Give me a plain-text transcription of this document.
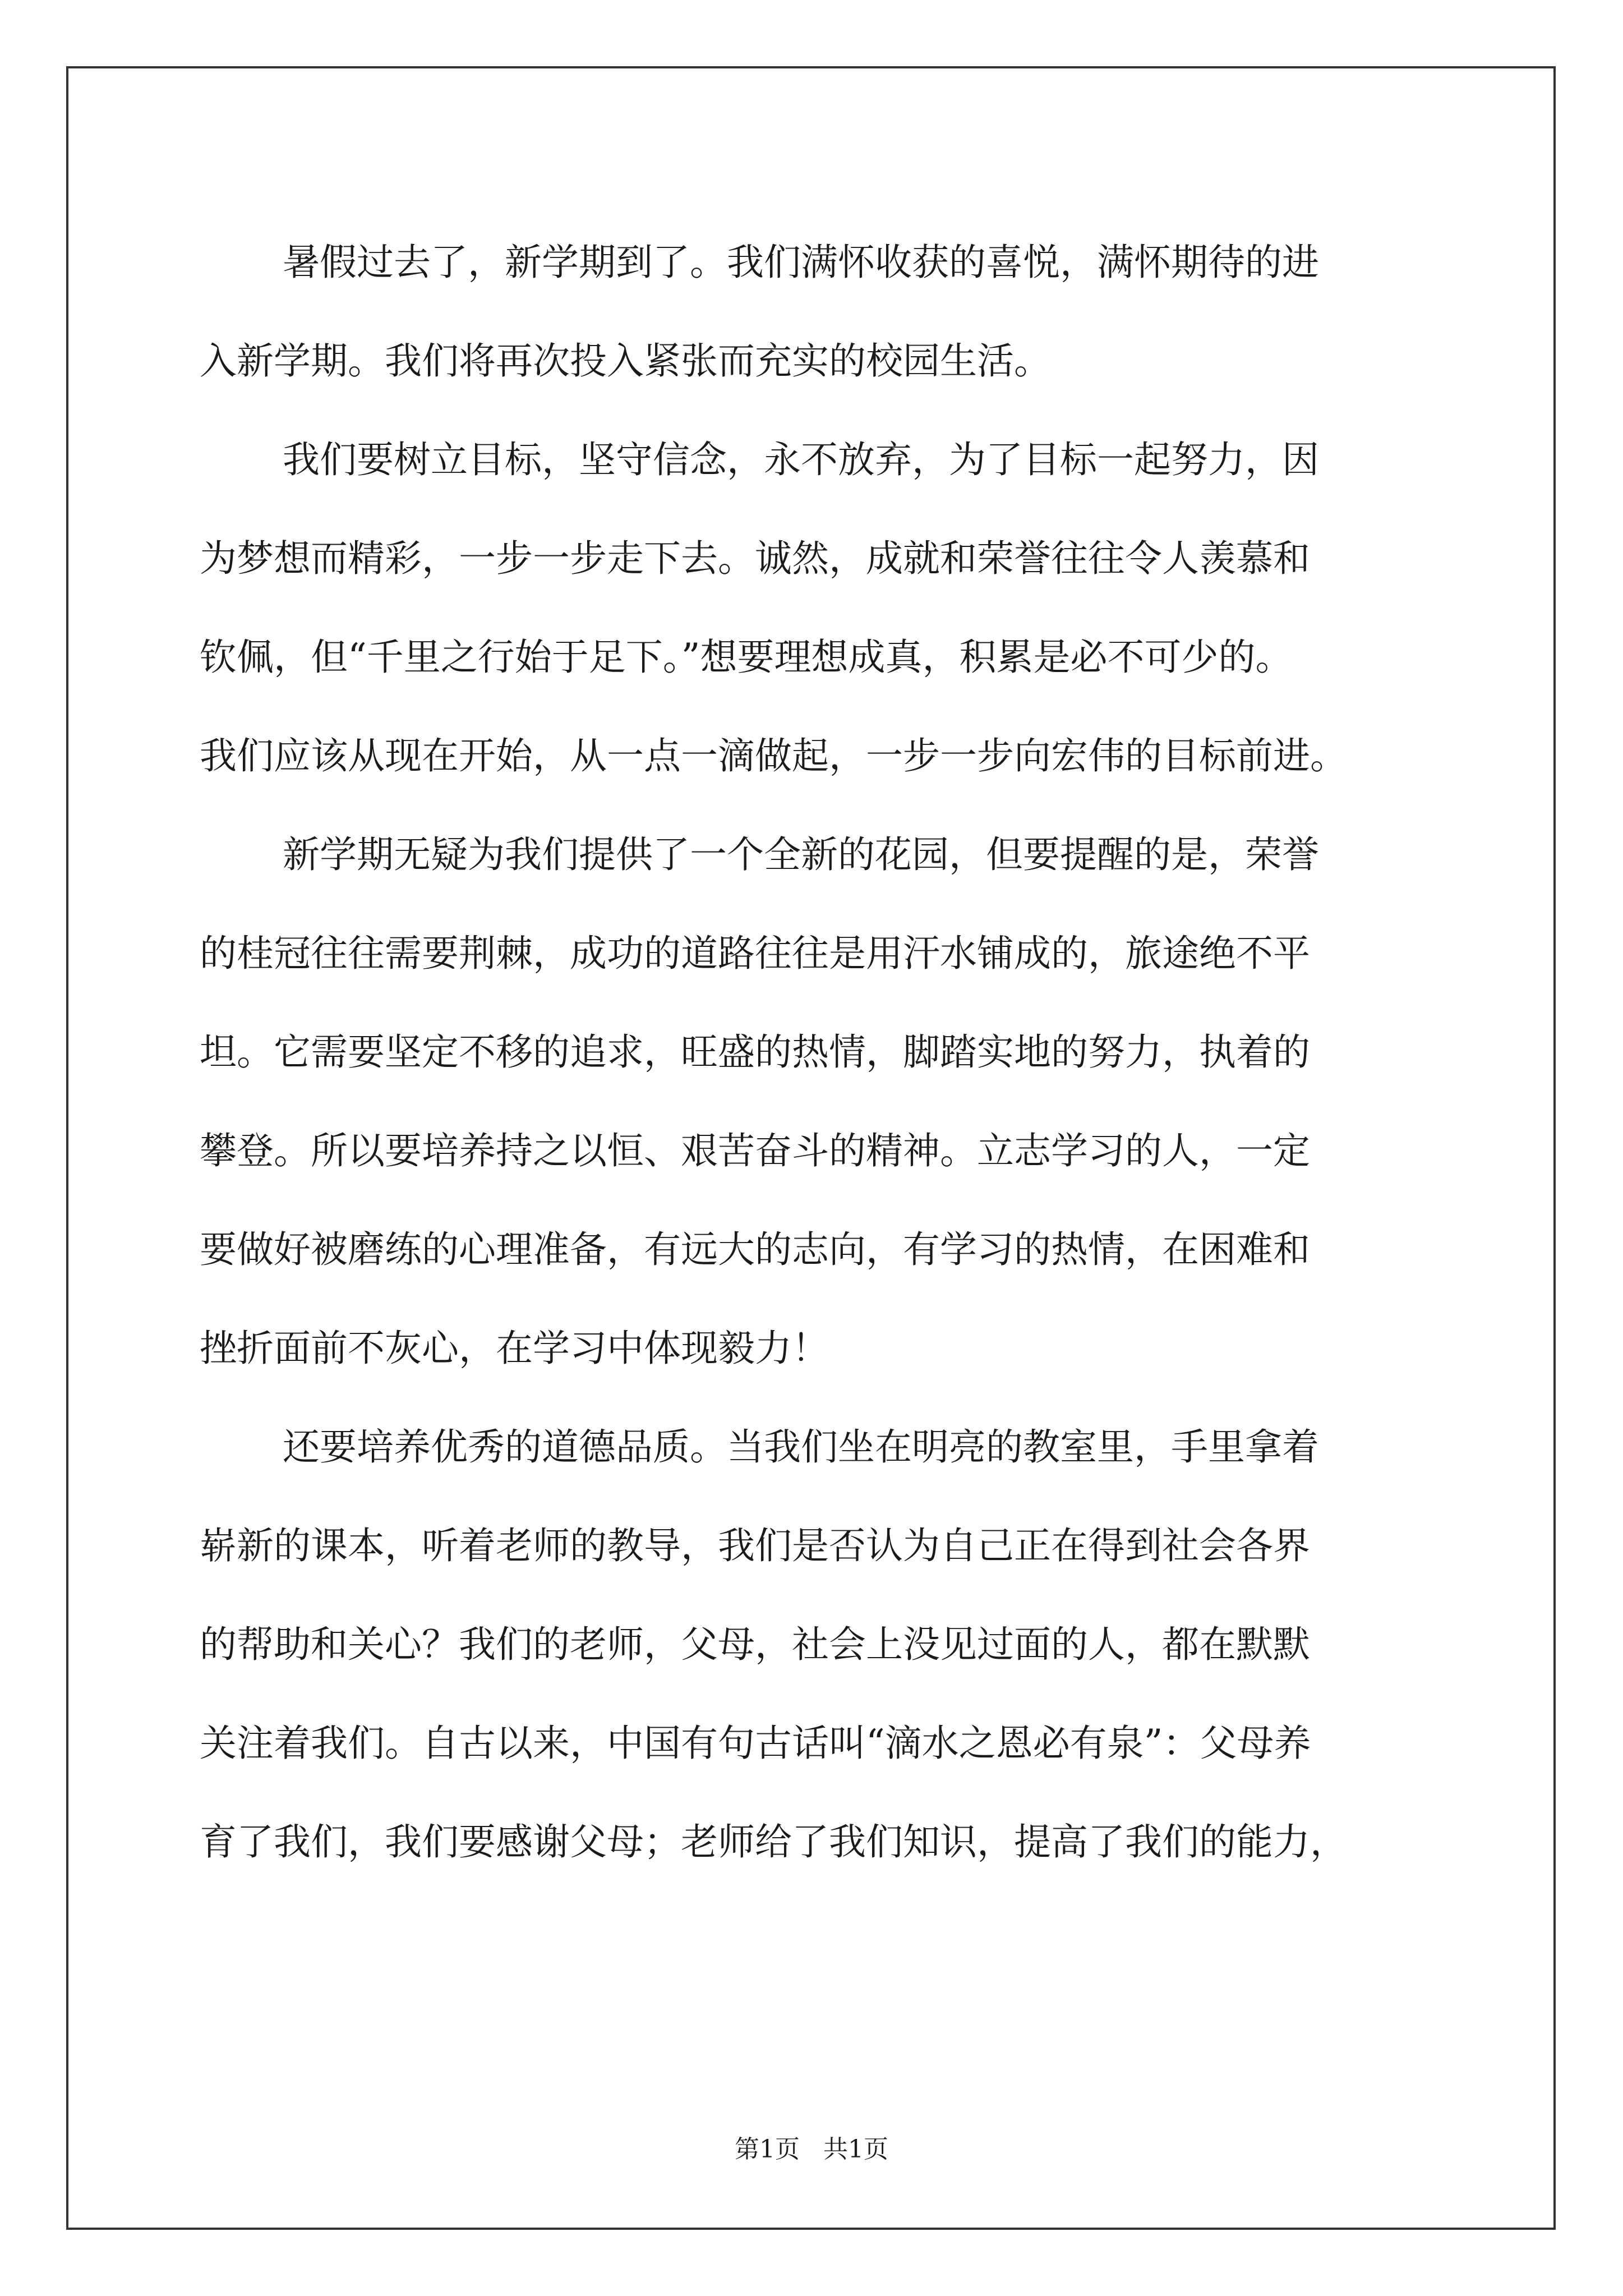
暑假过去了，新学期到了。我们满怀收获的喜悦，满怀期待的进
入新学期。我们将再次投入紧张而充实的校园生活。
我们要树立目标，坚守信念，永不放弃，为了目标一起努力，因
为梦想而精彩，一步一步走下去。诚然，成就和荣誉往往令人羡慕和
钦佩，但“千里之行始于足下。”想要理想成真，积累是必不可少的。
我们应该从现在开始，从一点一滴做起，一步一步向宏伟的目标前进。
新学期无疑为我们提供了一个全新的花园，但要提醒的是，荣誉
的桂冠往往需要荆棘，成功的道路往往是用汗水铺成的，旅途绝不平
坦。它需要坚定不移的追求，旺盛的热情，脚踏实地的努力，执着的
攀登。所以要培养持之以恒、艰苦奋斗的精神。立志学习的人，一定
要做好被磨练的心理准备，有远大的志向，有学习的热情，在困难和
挫折面前不灰心，在学习中体现毅力！
还要培养优秀的道德品质。当我们坐在明亮的教室里，手里拿着
崭新的课本，听着老师的教导，我们是否认为自己正在得到社会各界
的帮助和关心？我们的老师，父母，社会上没见过面的人，都在默默
关注着我们。自古以来，中国有句古话叫“滴水之恩必有泉”：父母养
育了我们，我们要感谢父母；老师给了我们知识，提高了我们的能力，
第1页 共1页
